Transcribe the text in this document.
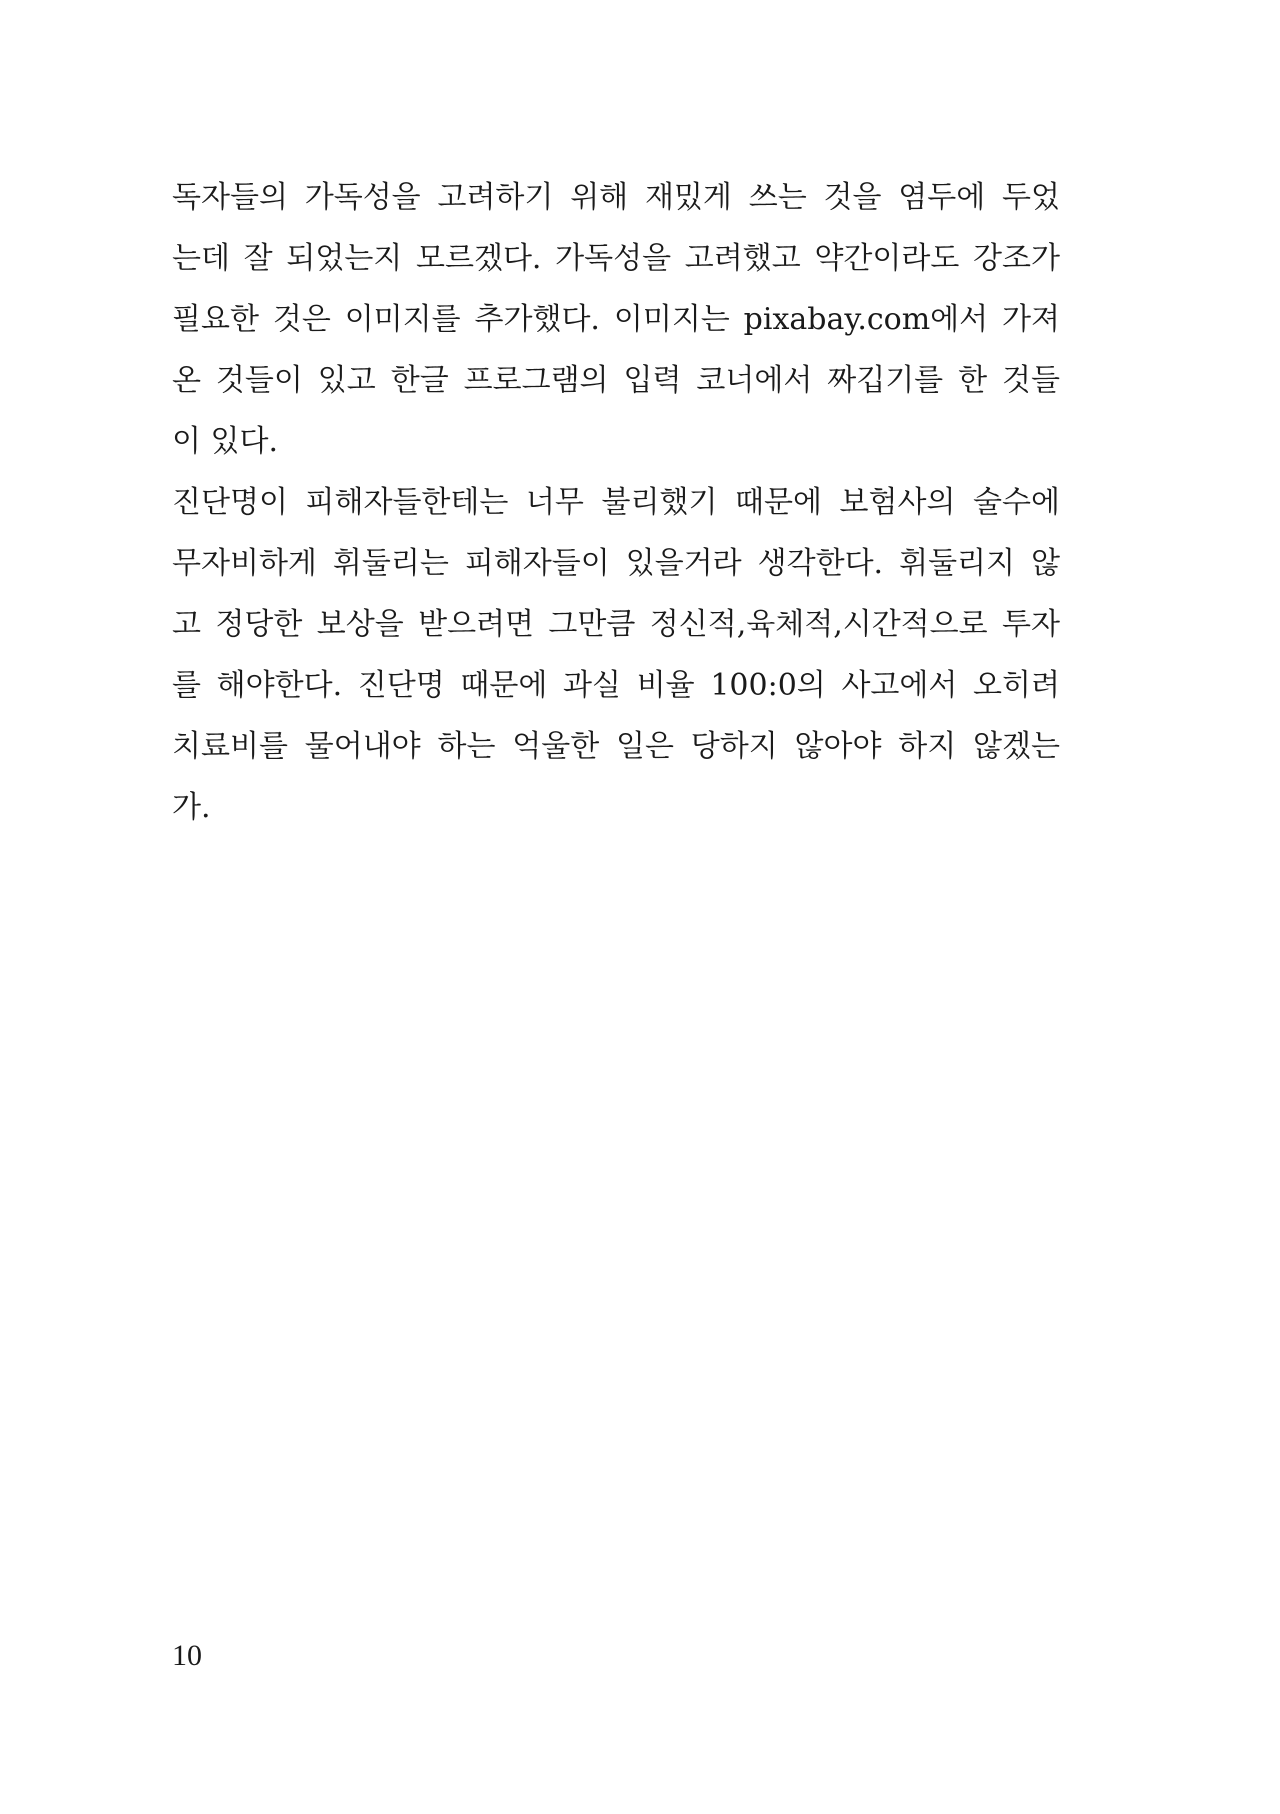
독자들의 가독성을 고려하기 위해 재밌게 쓰는 것을 염두에 두었
는데 잘 되었는지 모르겠다. 가독성을 고려했고 약간이라도 강조가
필요한 것은 이미지를 추가했다. 이미지는 pixabay.com에서 가져
온 것들이 있고 한글 프로그램의 입력 코너에서 짜깁기를 한 것들
이 있다.
진단명이 피해자들한테는 너무 불리했기 때문에 보험사의 술수에
무자비하게 휘둘리는 피해자들이 있을거라 생각한다. 휘둘리지 않
고 정당한 보상을 받으려면 그만큼 정신적,육체적,시간적으로 투자
를 해야한다. 진단명 때문에 과실 비율 100:0의 사고에서 오히려
치료비를 물어내야 하는 억울한 일은 당하지 않아야 하지 않겠는
가.
10
